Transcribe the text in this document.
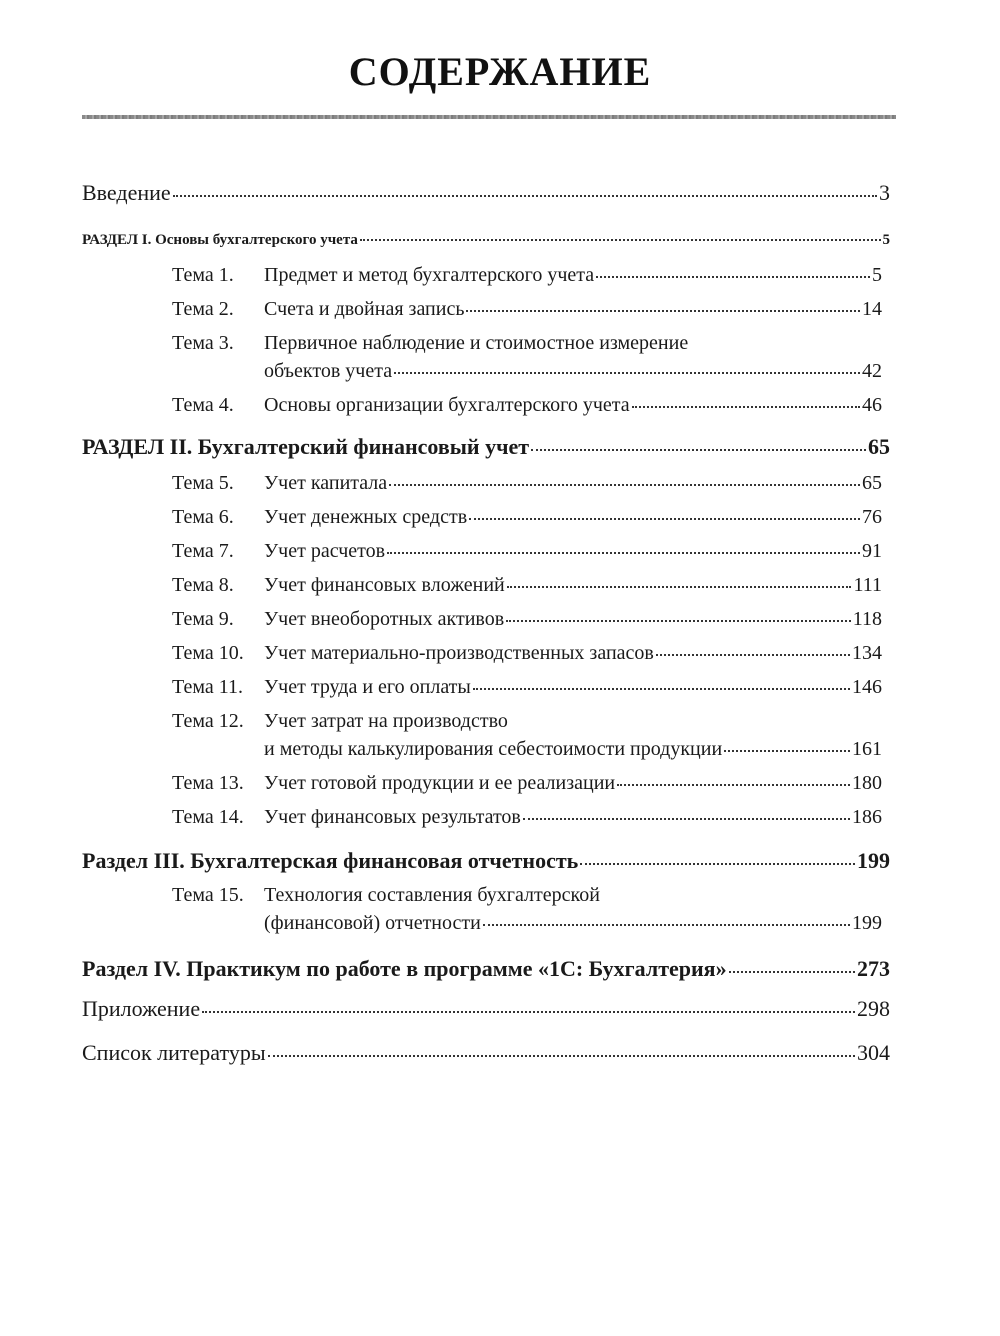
СОДЕРЖАНИЕ
Введение	3
РАЗДЕЛ I. Основы бухгалтерского учета	5
Тема 1.	Предмет и метод бухгалтерского учета	5
Тема 2.	Счета и двойная запись	14
Тема 3.	Первичное наблюдение и стоимостное измерение
объектов учета	42
Тема 4.	Основы организации бухгалтерского учета	46
РАЗДЕЛ II. Бухгалтерский финансовый учет	65
Тема 5.	Учет капитала	65
Тема 6.	Учет денежных средств	76
Тема 7.	Учет расчетов	91
Тема 8.	Учет финансовых вложений	111
Тема 9.	Учет внеоборотных активов	118
Тема 10.	Учет материально-производственных запасов	134
Тема 11.	Учет труда и его оплаты	146
Тема 12.	Учет затрат на производство
и методы калькулирования себестоимости продукции	161
Тема 13.	Учет готовой продукции и ее реализации	180
Тема 14.	Учет финансовых результатов	186
Раздел III. Бухгалтерская финансовая отчетность	199
Тема 15.	Технология составления бухгалтерской
(финансовой) отчетности	199
Раздел IV. Практикум по работе в программе «1С: Бухгалтерия»	273
Приложение	298
Список литературы	304
